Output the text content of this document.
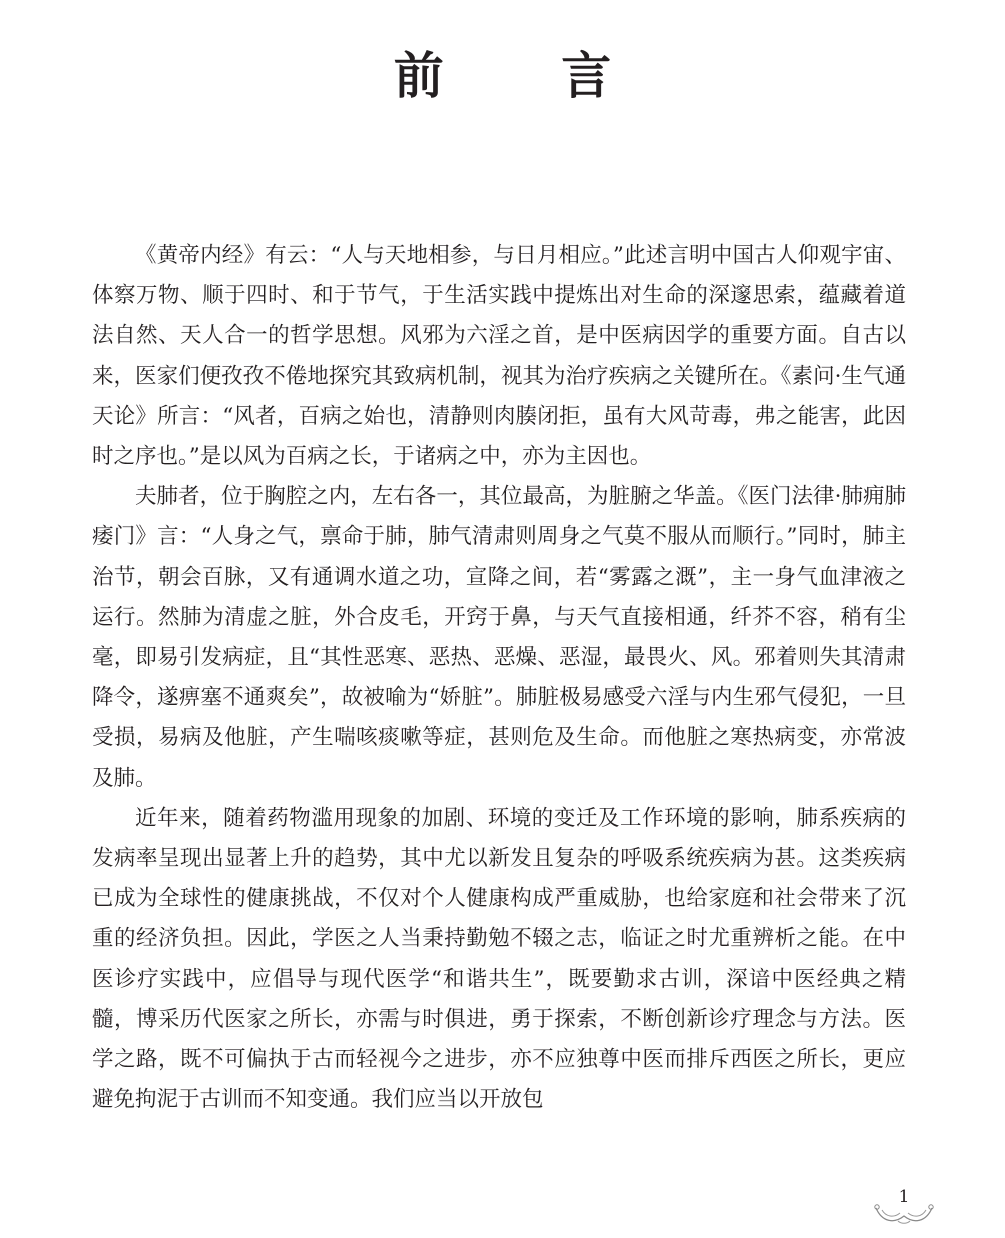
前 言

《黄帝内经》有云：“人与天地相参，与日月相应。”此述言明中国古人仰观宇宙、体察万物、顺于四时、和于节气，于生活实践中提炼出对生命的深邃思索，蕴藏着道法自然、天人合一的哲学思想。风邪为六淫之首，是中医病因学的重要方面。自古以来，医家们便孜孜不倦地探究其致病机制，视其为治疗疾病之关键所在。《素问·生气通天论》所言：“风者，百病之始也，清静则肉腠闭拒，虽有大风苛毒，弗之能害，此因时之序也。”是以风为百病之长，于诸病之中，亦为主因也。

夫肺者，位于胸腔之内，左右各一，其位最高，为脏腑之华盖。《医门法律·肺痈肺痿门》言：“人身之气，禀命于肺，肺气清肃则周身之气莫不服从而顺行。”同时，肺主治节，朝会百脉，又有通调水道之功，宣降之间，若“雾露之溉”，主一身气血津液之运行。然肺为清虚之脏，外合皮毛，开窍于鼻，与天气直接相通，纤芥不容，稍有尘毫，即易引发病症，且“其性恶寒、恶热、恶燥、恶湿，最畏火、风。邪着则失其清肃降令，遂痹塞不通爽矣”，故被喻为“娇脏”。肺脏极易感受六淫与内生邪气侵犯，一旦受损，易病及他脏，产生喘咳痰嗽等症，甚则危及生命。而他脏之寒热病变，亦常波及肺。

近年来，随着药物滥用现象的加剧、环境的变迁及工作环境的影响，肺系疾病的发病率呈现出显著上升的趋势，其中尤以新发且复杂的呼吸系统疾病为甚。这类疾病已成为全球性的健康挑战，不仅对个人健康构成严重威胁，也给家庭和社会带来了沉重的经济负担。因此，学医之人当秉持勤勉不辍之志，临证之时尤重辨析之能。在中医诊疗实践中，应倡导与现代医学“和谐共生”，既要勤求古训，深谙中医经典之精髓，博采历代医家之所长，亦需与时俱进，勇于探索，不断创新诊疗理念与方法。医学之路，既不可偏执于古而轻视今之进步，亦不应独尊中医而排斥西医之所长，更应避免拘泥于古训而不知变通。我们应当以开放包

1
